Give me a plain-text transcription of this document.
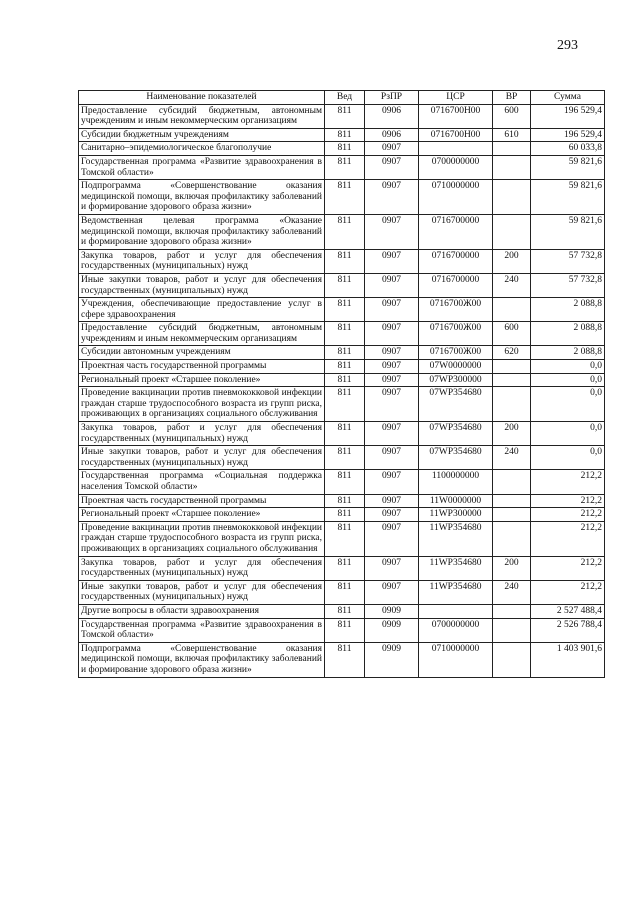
293
Наименование показателей	Вед	РзПР	ЦСР	ВР	Сумма
Предоставление субсидий бюджетным, автономным учреждениям и иным некоммерческим организациям	811	0906	0716700Н00	600	196 529,4
Субсидии бюджетным учреждениям	811	0906	0716700Н00	610	196 529,4
Санитарно–эпидемиологическое благополучие	811	0907			60 033,8
Государственная программа «Развитие здравоохранения в Томской области»	811	0907	0700000000		59 821,6
Подпрограмма «Совершенствование оказания медицинской помощи, включая профилактику заболеваний и формирование здорового образа жизни»	811	0907	0710000000		59 821,6
Ведомственная целевая программа «Оказание медицинской помощи, включая профилактику заболеваний и формирование здорового образа жизни»	811	0907	0716700000		59 821,6
Закупка товаров, работ и услуг для обеспечения государственных (муниципальных) нужд	811	0907	0716700000	200	57 732,8
Иные закупки товаров, работ и услуг для обеспечения государственных (муниципальных) нужд	811	0907	0716700000	240	57 732,8
Учреждения, обеспечивающие предоставление услуг в сфере здравоохранения	811	0907	0716700Ж00		2 088,8
Предоставление субсидий бюджетным, автономным учреждениям и иным некоммерческим организациям	811	0907	0716700Ж00	600	2 088,8
Субсидии автономным учреждениям	811	0907	0716700Ж00	620	2 088,8
Проектная часть государственной программы	811	0907	07W0000000		0,0
Региональный проект «Старшее поколение»	811	0907	07WP300000		0,0
Проведение вакцинации против пневмококковой инфекции граждан старше трудоспособного возраста из групп риска, проживающих в организациях социального обслуживания	811	0907	07WP354680		0,0
Закупка товаров, работ и услуг для обеспечения государственных (муниципальных) нужд	811	0907	07WP354680	200	0,0
Иные закупки товаров, работ и услуг для обеспечения государственных (муниципальных) нужд	811	0907	07WP354680	240	0,0
Государственная программа «Социальная поддержка населения Томской области»	811	0907	1100000000		212,2
Проектная часть государственной программы	811	0907	11W0000000		212,2
Региональный проект «Старшее поколение»	811	0907	11WP300000		212,2
Проведение вакцинации против пневмококковой инфекции граждан старше трудоспособного возраста из групп риска, проживающих в организациях социального обслуживания	811	0907	11WP354680		212,2
Закупка товаров, работ и услуг для обеспечения государственных (муниципальных) нужд	811	0907	11WP354680	200	212,2
Иные закупки товаров, работ и услуг для обеспечения государственных (муниципальных) нужд	811	0907	11WP354680	240	212,2
Другие вопросы в области здравоохранения	811	0909			2 527 488,4
Государственная программа «Развитие здравоохранения в Томской области»	811	0909	0700000000		2 526 788,4
Подпрограмма «Совершенствование оказания медицинской помощи, включая профилактику заболеваний и формирование здорового образа жизни»	811	0909	0710000000		1 403 901,6
